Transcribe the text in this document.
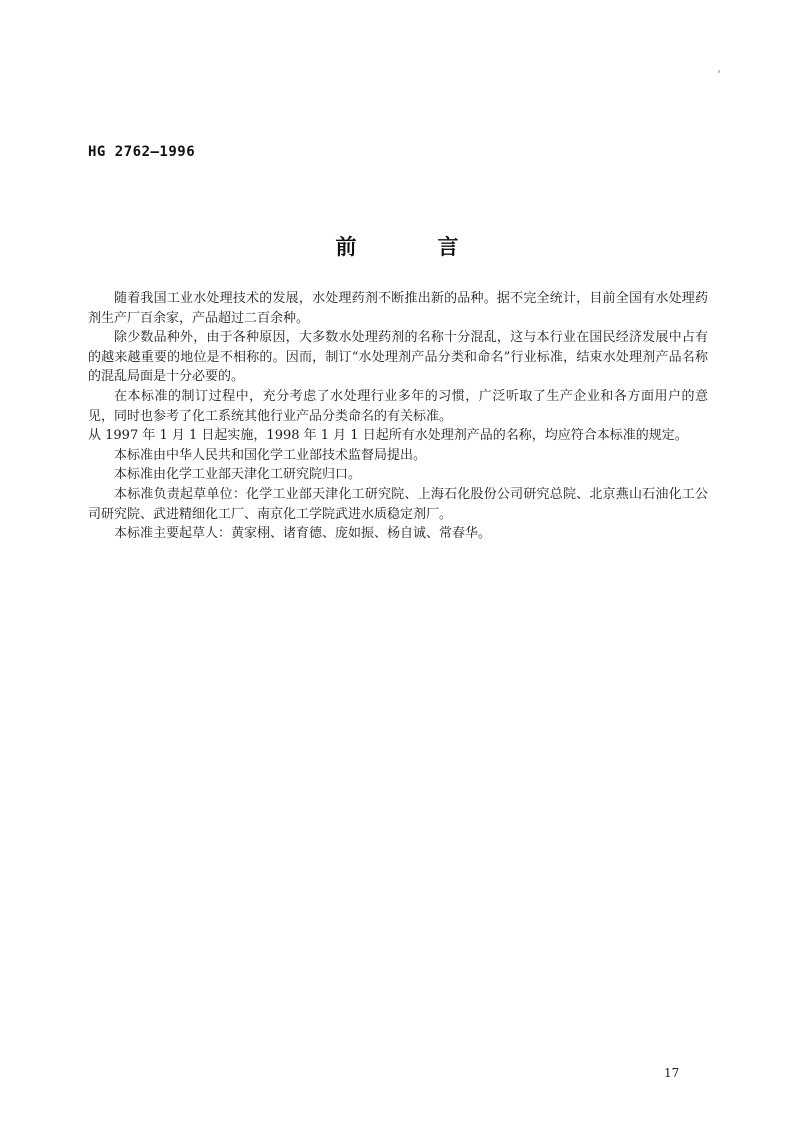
HG 2762—1996
前　言

随着我国工业水处理技术的发展，水处理药剂不断推出新的品种。据不完全统计，目前全国有水处理药剂生产厂百余家，产品超过二百余种。

除少数品种外，由于各种原因，大多数水处理药剂的名称十分混乱，这与本行业在国民经济发展中占有的越来越重要的地位是不相称的。因而，制订“水处理剂产品分类和命名”行业标准，结束水处理剂产品名称的混乱局面是十分必要的。

在本标准的制订过程中，充分考虑了水处理行业多年的习惯，广泛听取了生产企业和各方面用户的意见，同时也参考了化工系统其他行业产品分类命名的有关标准。

从 1997 年 1 月 1 日起实施，1998 年 1 月 1 日起所有水处理剂产品的名称，均应符合本标准的规定。

本标准由中华人民共和国化学工业部技术监督局提出。

本标准由化学工业部天津化工研究院归口。

本标准负责起草单位：化学工业部天津化工研究院、上海石化股份公司研究总院、北京燕山石油化工公司研究院、武进精细化工厂、南京化工学院武进水质稳定剂厂。

本标准主要起草人：黄家栩、诸育德、庞如振、杨自诚、常春华。

17
